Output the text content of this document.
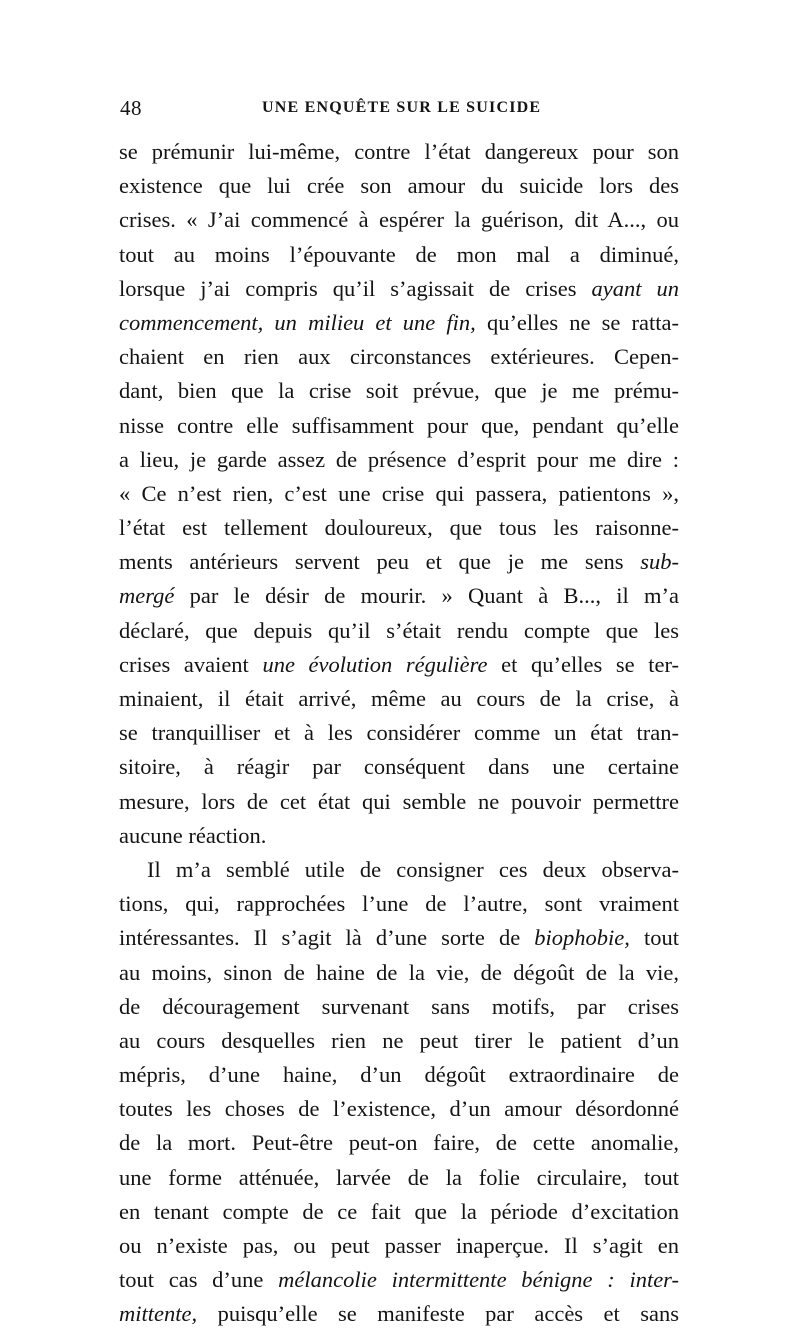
48	UNE ENQUÊTE SUR LE SUICIDE
se prémunir lui-même, contre l’état dangereux pour son
existence que lui crée son amour du suicide lors des
crises. « J’ai commencé à espérer la guérison, dit A..., ou
tout au moins l’épouvante de mon mal a diminué,
lorsque j’ai compris qu’il s’agissait de crises ayant un
commencement, un milieu et une fin, qu’elles ne se ratta-
chaient en rien aux circonstances extérieures. Cepen-
dant, bien que la crise soit prévue, que je me prému-
nisse contre elle suffisamment pour que, pendant qu’elle
a lieu, je garde assez de présence d’esprit pour me dire :
« Ce n’est rien, c’est une crise qui passera, patientons »,
l’état est tellement douloureux, que tous les raisonne-
ments antérieurs servent peu et que je me sens sub-
mergé par le désir de mourir. » Quant à B..., il m’a
déclaré, que depuis qu’il s’était rendu compte que les
crises avaient une évolution régulière et qu’elles se ter-
minaient, il était arrivé, même au cours de la crise, à
se tranquilliser et à les considérer comme un état tran-
sitoire, à réagir par conséquent dans une certaine
mesure, lors de cet état qui semble ne pouvoir permettre
aucune réaction.
Il m’a semblé utile de consigner ces deux observa-
tions, qui, rapprochées l’une de l’autre, sont vraiment
intéressantes. Il s’agit là d’une sorte de biophobie, tout
au moins, sinon de haine de la vie, de dégoût de la vie,
de découragement survenant sans motifs, par crises
au cours desquelles rien ne peut tirer le patient d’un
mépris, d’une haine, d’un dégoût extraordinaire de
toutes les choses de l’existence, d’un amour désordonné
de la mort. Peut-être peut-on faire, de cette anomalie,
une forme atténuée, larvée de la folie circulaire, tout
en tenant compte de ce fait que la période d’excitation
ou n’existe pas, ou peut passer inaperçue. Il s’agit en
tout cas d’une mélancolie intermittente bénigne : inter-
mittente, puisqu’elle se manifeste par accès et sans
